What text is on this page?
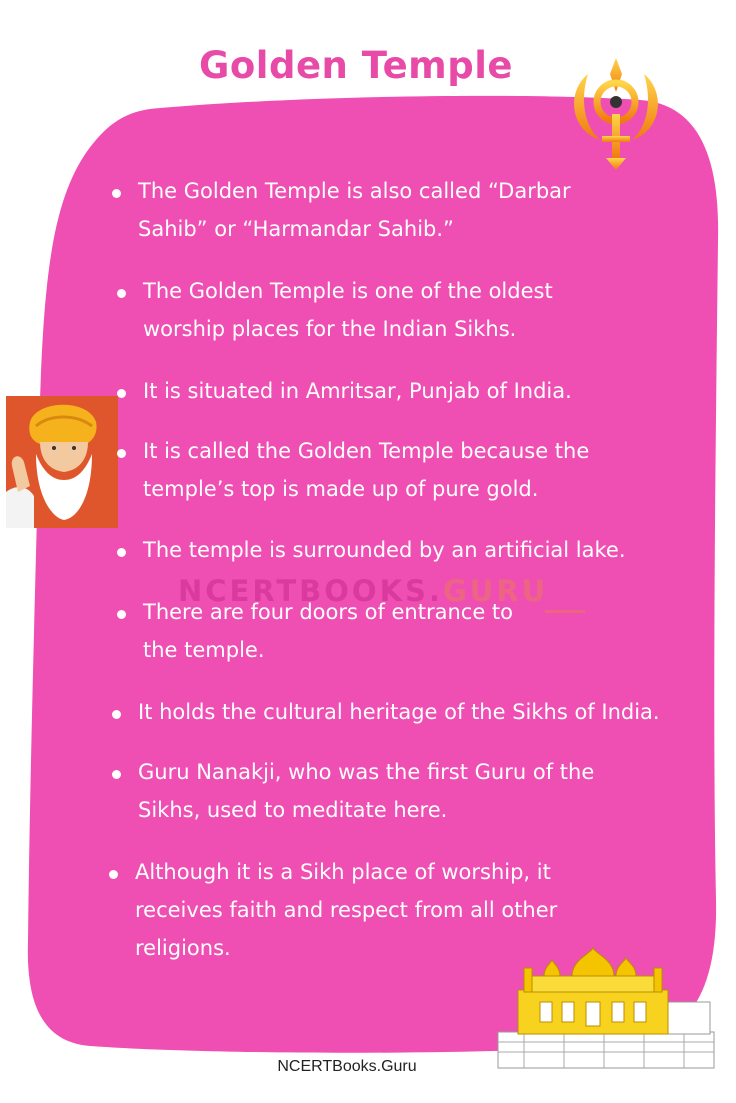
Golden Temple
The Golden Temple is also called “Darbar
Sahib” or “Harmandar Sahib.”
The Golden Temple is one of the oldest
worship places for the Indian Sikhs.
It is situated in Amritsar, Punjab of India.
It is called the Golden Temple because the
temple’s top is made up of pure gold.
The temple is surrounded by an artificial lake.
There are four doors of entrance to
the temple.
It holds the cultural heritage of the Sikhs of India.
Guru Nanakji, who was the first Guru of the
Sikhs, used to meditate here.
Although it is a Sikh place of worship, it
receives faith and respect from all other
religions.
NCERTBOOKS.GURU
NCERTBooks.Guru
